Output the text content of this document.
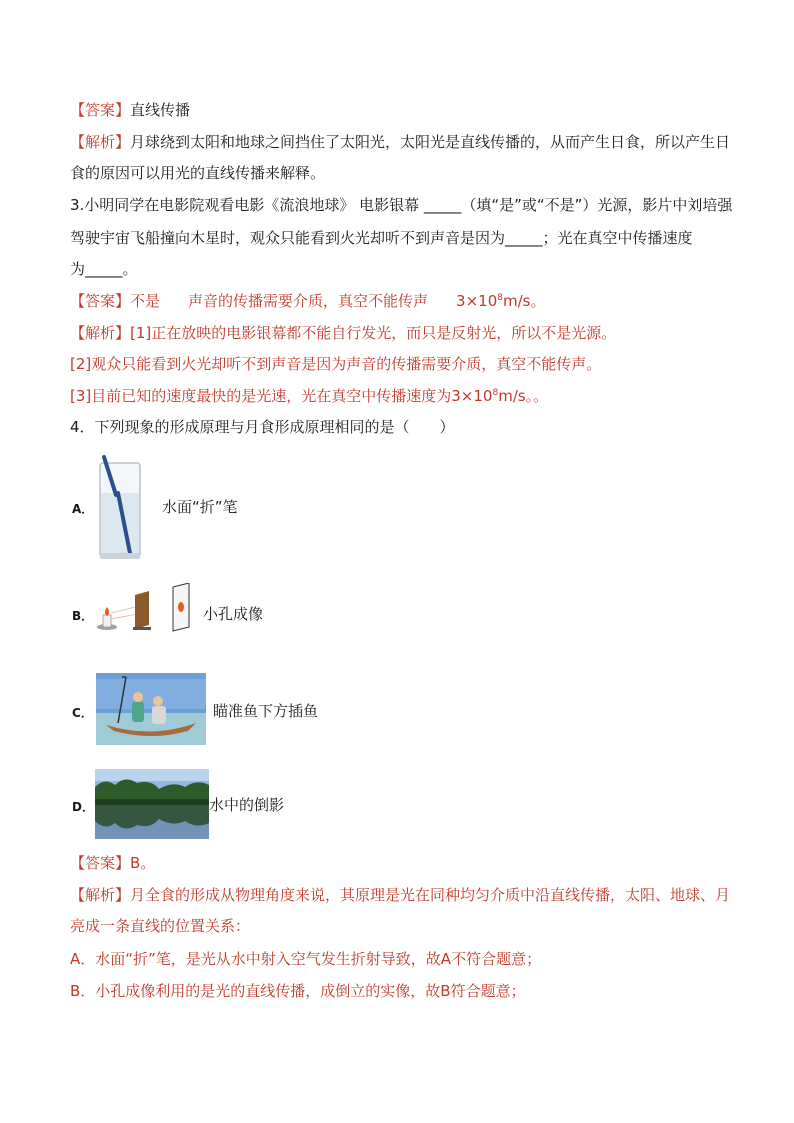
【答案】直线传播
【解析】月球绕到太阳和地球之间挡住了太阳光，太阳光是直线传播的，从而产生日食，所以产生日
食的原因可以用光的直线传播来解释。
3.小明同学在电影院观看电影《流浪地球》 电影银幕 _____（填“是”或“不是”）光源，影片中刘培强
驾驶宇宙飞船撞向木星时，观众只能看到火光却听不到声音是因为_____；光在真空中传播速度
为_____。
【答案】不是 声音的传播需要介质，真空不能传声 $3\times 10^8m/s$。
【解析】[1]正在放映的电影银幕都不能自行发光，而只是反射光，所以不是光源。
[2]观众只能看到火光却听不到声音是因为声音的传播需要介质，真空不能传声。
[3]目前已知的速度最快的是光速，光在真空中传播速度为$3\times 10^8m/s$。。
4．下列现象的形成原理与月食形成原理相同的是（　　）
A．	水面“折”笔
B．	小孔成像
C．	瞄准鱼下方插鱼
D．	水中的倒影
【答案】B。
【解析】月全食的形成从物理角度来说，其原理是光在同种均匀介质中沿直线传播，太阳、地球、月
亮成一条直线的位置关系：
A．水面“折”笔，是光从水中射入空气发生折射导致，故A不符合题意；
B．小孔成像利用的是光的直线传播，成倒立的实像，故B符合题意；
